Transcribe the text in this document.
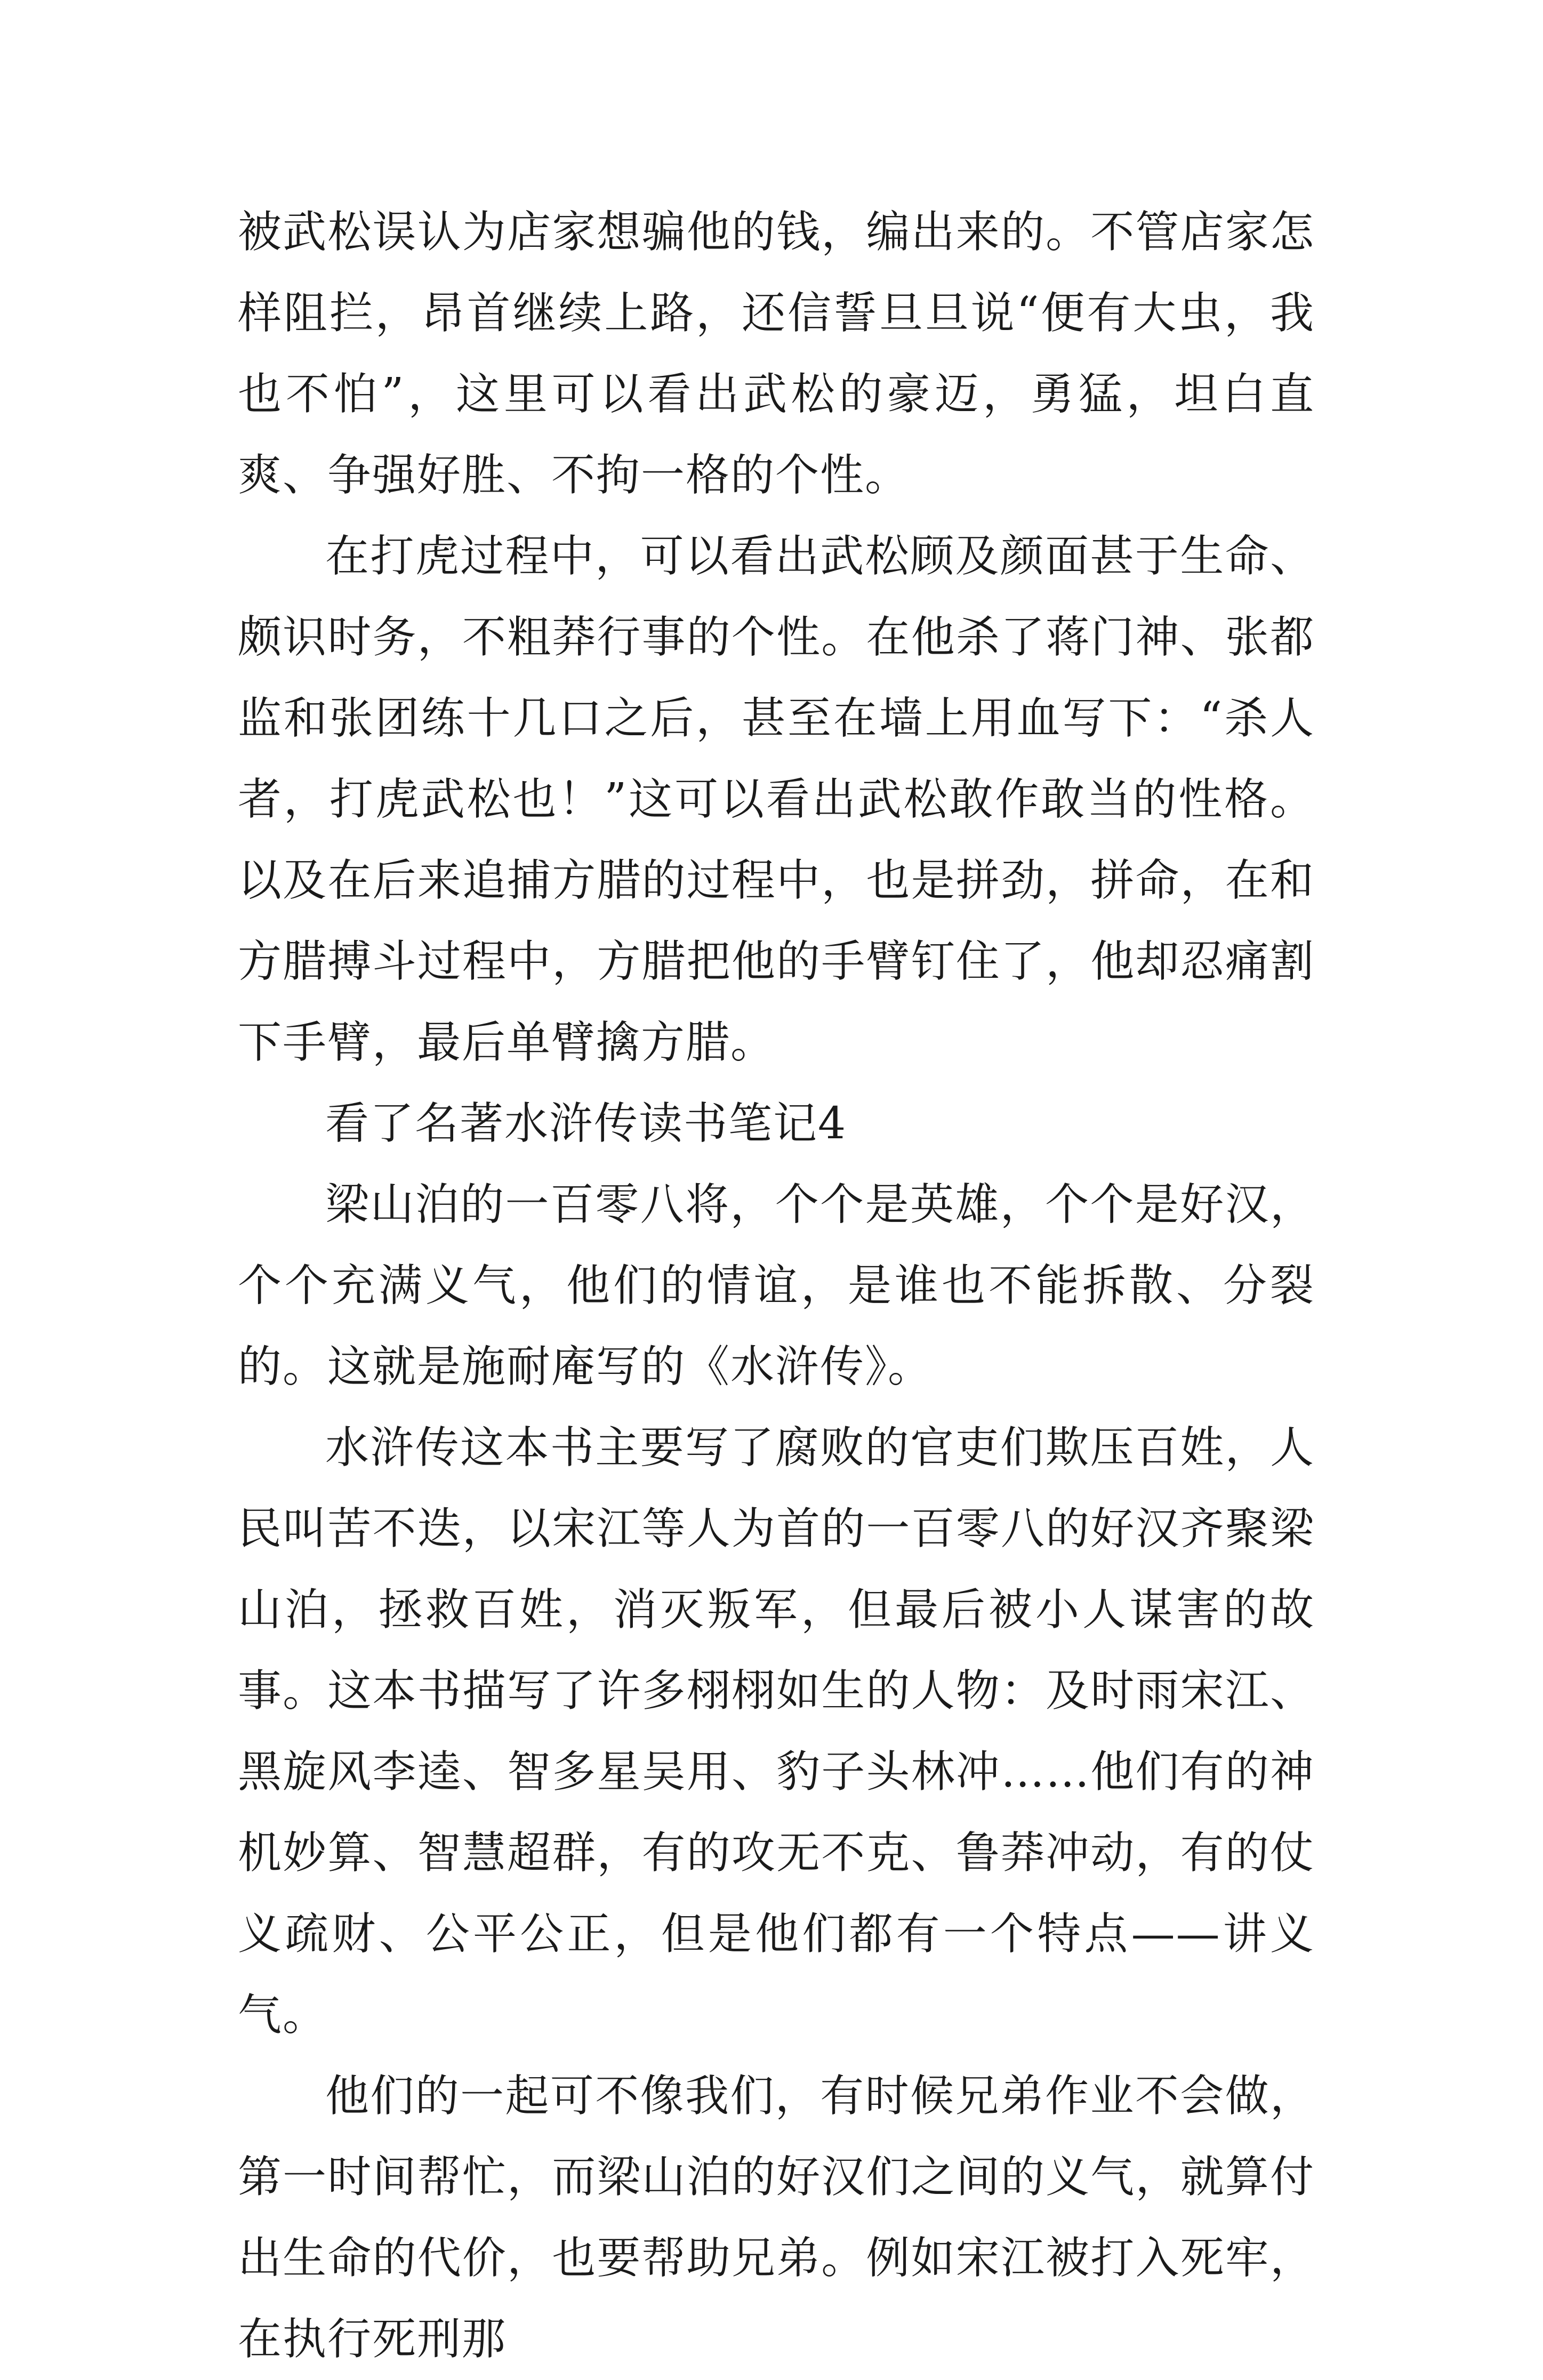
被武松误认为店家想骗他的钱，编出来的。不管店家怎样阻拦，昂首继续上路，还信誓旦旦说“便有大虫，我也不怕”，这里可以看出武松的豪迈，勇猛，坦白直爽、争强好胜、不拘一格的个性。

在打虎过程中，可以看出武松顾及颜面甚于生命、颇识时务，不粗莽行事的个性。在他杀了蒋门神、张都监和张团练十几口之后，甚至在墙上用血写下：“杀人者，打虎武松也！”这可以看出武松敢作敢当的性格。以及在后来追捕方腊的过程中，也是拼劲，拼命，在和方腊搏斗过程中，方腊把他的手臂钉住了，他却忍痛割下手臂，最后单臂擒方腊。

看了名著水浒传读书笔记4

梁山泊的一百零八将，个个是英雄，个个是好汉，个个充满义气，他们的情谊，是谁也不能拆散、分裂的。这就是施耐庵写的《水浒传》。

水浒传这本书主要写了腐败的官吏们欺压百姓，人民叫苦不迭，以宋江等人为首的一百零八的好汉齐聚梁山泊，拯救百姓，消灭叛军，但最后被小人谋害的故事。这本书描写了许多栩栩如生的人物：及时雨宋江、黑旋风李逵、智多星吴用、豹子头林冲……他们有的神机妙算、智慧超群，有的攻无不克、鲁莽冲动，有的仗义疏财、公平公正，但是他们都有一个特点——讲义气。

他们的一起可不像我们，有时候兄弟作业不会做，第一时间帮忙，而梁山泊的好汉们之间的义气，就算付出生命的代价，也要帮助兄弟。例如宋江被打入死牢，在执行死刑那
